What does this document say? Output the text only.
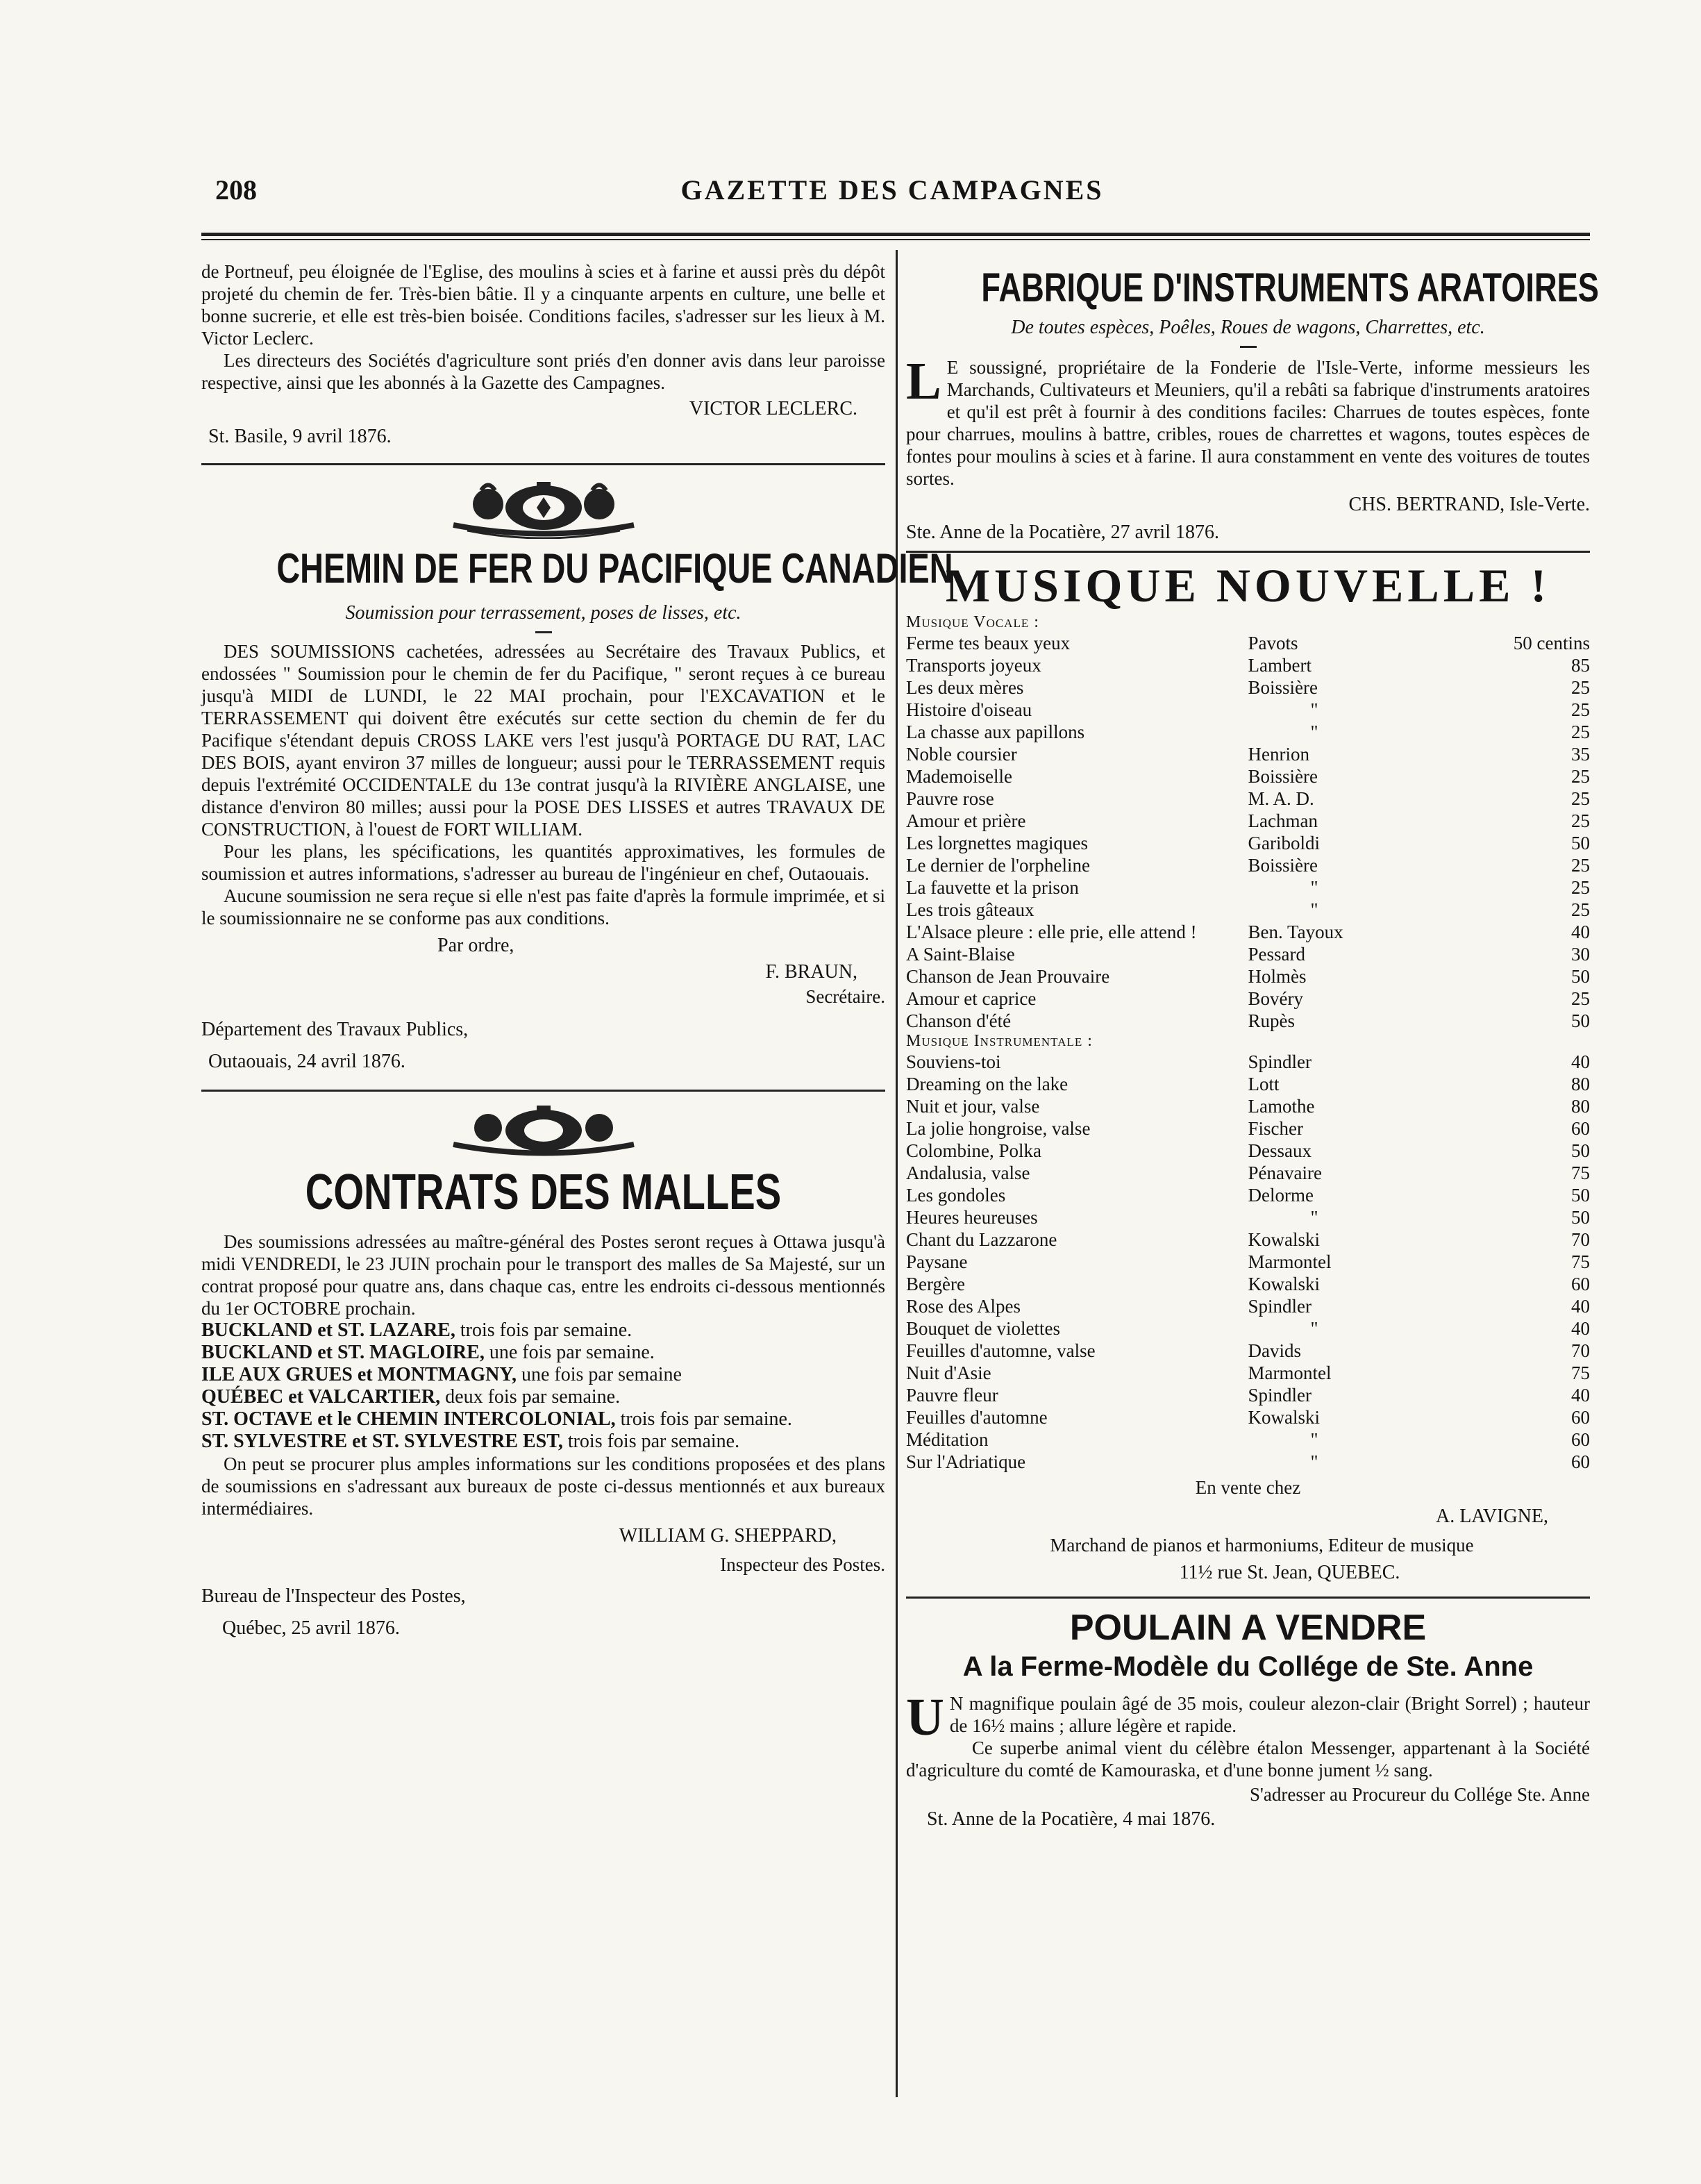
208	GAZETTE DES CAMPAGNES

de Portneuf, peu éloignée de l'Eglise, des moulins à scies et à farine et aussi près du dépôt projeté du chemin de fer. Très-bien bâtie. Il y a cinquante arpents en culture, une belle et bonne sucrerie, et elle est très-bien boisée. Conditions faciles, s'adresser sur les lieux à M. Victor Leclerc.

Les directeurs des Sociétés d'agriculture sont priés d'en donner avis dans leur paroisse respective, ainsi que les abonnés à la Gazette des Campagnes.

VICTOR LECLERC.

St. Basile, 9 avril 1876.

CHEMIN DE FER DU PACIFIQUE CANADIEN

Soumission pour terrassement, poses de lisses, etc.

DES SOUMISSIONS cachetées, adressées au Secrétaire des Travaux Publics, et endossées " Soumission pour le chemin de fer du Pacifique, " seront reçues à ce bureau jusqu'à MIDI de LUNDI, le 22 MAI prochain, pour l'EXCAVATION et le TERRASSEMENT qui doivent être exécutés sur cette section du chemin de fer du Pacifique s'étendant depuis CROSS LAKE vers l'est jusqu'à PORTAGE DU RAT, LAC DES BOIS, ayant environ 37 milles de longueur; aussi pour le TERRASSEMENT requis depuis l'extrémité OCCIDENTALE du 13e contrat jusqu'à la RIVIÈRE ANGLAISE, une distance d'environ 80 milles; aussi pour la POSE DES LISSES et autres TRAVAUX DE CONSTRUCTION, à l'ouest de FORT WILLIAM.

Pour les plans, les spécifications, les quantités approximatives, les formules de soumission et autres informations, s'adresser au bureau de l'ingénieur en chef, Outaouais.

Aucune soumission ne sera reçue si elle n'est pas faite d'après la formule imprimée, et si le soumissionnaire ne se conforme pas aux conditions.

Par ordre,

F. BRAUN,

Secrétaire.

Département des Travaux Publics,

Outaouais, 24 avril 1876.

CONTRATS DES MALLES

Des soumissions adressées au maître-général des Postes seront reçues à Ottawa jusqu'à midi VENDREDI, le 23 JUIN prochain pour le transport des malles de Sa Majesté, sur un contrat proposé pour quatre ans, dans chaque cas, entre les endroits ci-dessous mentionnés du 1er OCTOBRE prochain.

BUCKLAND et ST. LAZARE, trois fois par semaine.

BUCKLAND et ST. MAGLOIRE, une fois par semaine.

ILE AUX GRUES et MONTMAGNY, une fois par semaine

QUÉBEC et VALCARTIER, deux fois par semaine.

ST. OCTAVE et le CHEMIN INTERCOLONIAL, trois fois par semaine.

ST. SYLVESTRE et ST. SYLVESTRE EST, trois fois par semaine.

On peut se procurer plus amples informations sur les conditions proposées et des plans de soumissions en s'adressant aux bureaux de poste ci-dessus mentionnés et aux bureaux intermédiaires.

WILLIAM G. SHEPPARD,

Inspecteur des Postes.

Bureau de l'Inspecteur des Postes,

Québec, 25 avril 1876.

FABRIQUE D'INSTRUMENTS ARATOIRES

De toutes espèces, Poêles, Roues de wagons, Charrettes, etc.

L E soussigné, propriétaire de la Fonderie de l'Isle-Verte, informe messieurs les Marchands, Cultivateurs et Meuniers, qu'il a rebâti sa fabrique d'instruments aratoires et qu'il est prêt à fournir à des conditions faciles: Charrues de toutes espèces, fonte pour charrues, moulins à battre, cribles, roues de charrettes et wagons, toutes espèces de fontes pour moulins à scies et à farine. Il aura constamment en vente des voitures de toutes sortes.

CHS. BERTRAND, Isle-Verte.

Ste. Anne de la Pocatière, 27 avril 1876.

MUSIQUE NOUVELLE !

Musique Vocale :

Ferme tes beaux yeux	Pavots	50 centins
Transports joyeux	Lambert	85
Les deux mères	Boissière	25
Histoire d'oiseau	"	25
La chasse aux papillons	"	25
Noble coursier	Henrion	35
Mademoiselle	Boissière	25
Pauvre rose	M. A. D.	25
Amour et prière	Lachman	25
Les lorgnettes magiques	Gariboldi	50
Le dernier de l'orpheline	Boissière	25
La fauvette et la prison	"	25
Les trois gâteaux	"	25
L'Alsace pleure : elle prie, elle attend !	Ben. Tayoux	40
A Saint-Blaise	Pessard	30
Chanson de Jean Prouvaire	Holmès	50
Amour et caprice	Bovéry	25
Chanson d'été	Rupès	50

Musique Instrumentale :

Souviens-toi	Spindler	40
Dreaming on the lake	Lott	80
Nuit et jour, valse	Lamothe	80
La jolie hongroise, valse	Fischer	60
Colombine, Polka	Dessaux	50
Andalusia, valse	Pénavaire	75
Les gondoles	Delorme	50
Heures heureuses	"	50
Chant du Lazzarone	Kowalski	70
Paysane	Marmontel	75
Bergère	Kowalski	60
Rose des Alpes	Spindler	40
Bouquet de violettes	"	40
Feuilles d'automne, valse	Davids	70
Nuit d'Asie	Marmontel	75
Pauvre fleur	Spindler	40
Feuilles d'automne	Kowalski	60
Méditation	"	60
Sur l'Adriatique	"	60

En vente chez

A. LAVIGNE,

Marchand de pianos et harmoniums, Editeur de musique

11½ rue St. Jean, QUEBEC.

POULAIN A VENDRE
A la Ferme-Modèle du Collége de Ste. Anne

U N magnifique poulain âgé de 35 mois, couleur alezon-clair (Bright Sorrel) ; hauteur de 16½ mains ; allure légère et rapide.

Ce superbe animal vient du célèbre étalon Messenger, appartenant à la Société d'agriculture du comté de Kamouraska, et d'une bonne jument ½ sang.

S'adresser au Procureur du Collége Ste. Anne

St. Anne de la Pocatière, 4 mai 1876.
